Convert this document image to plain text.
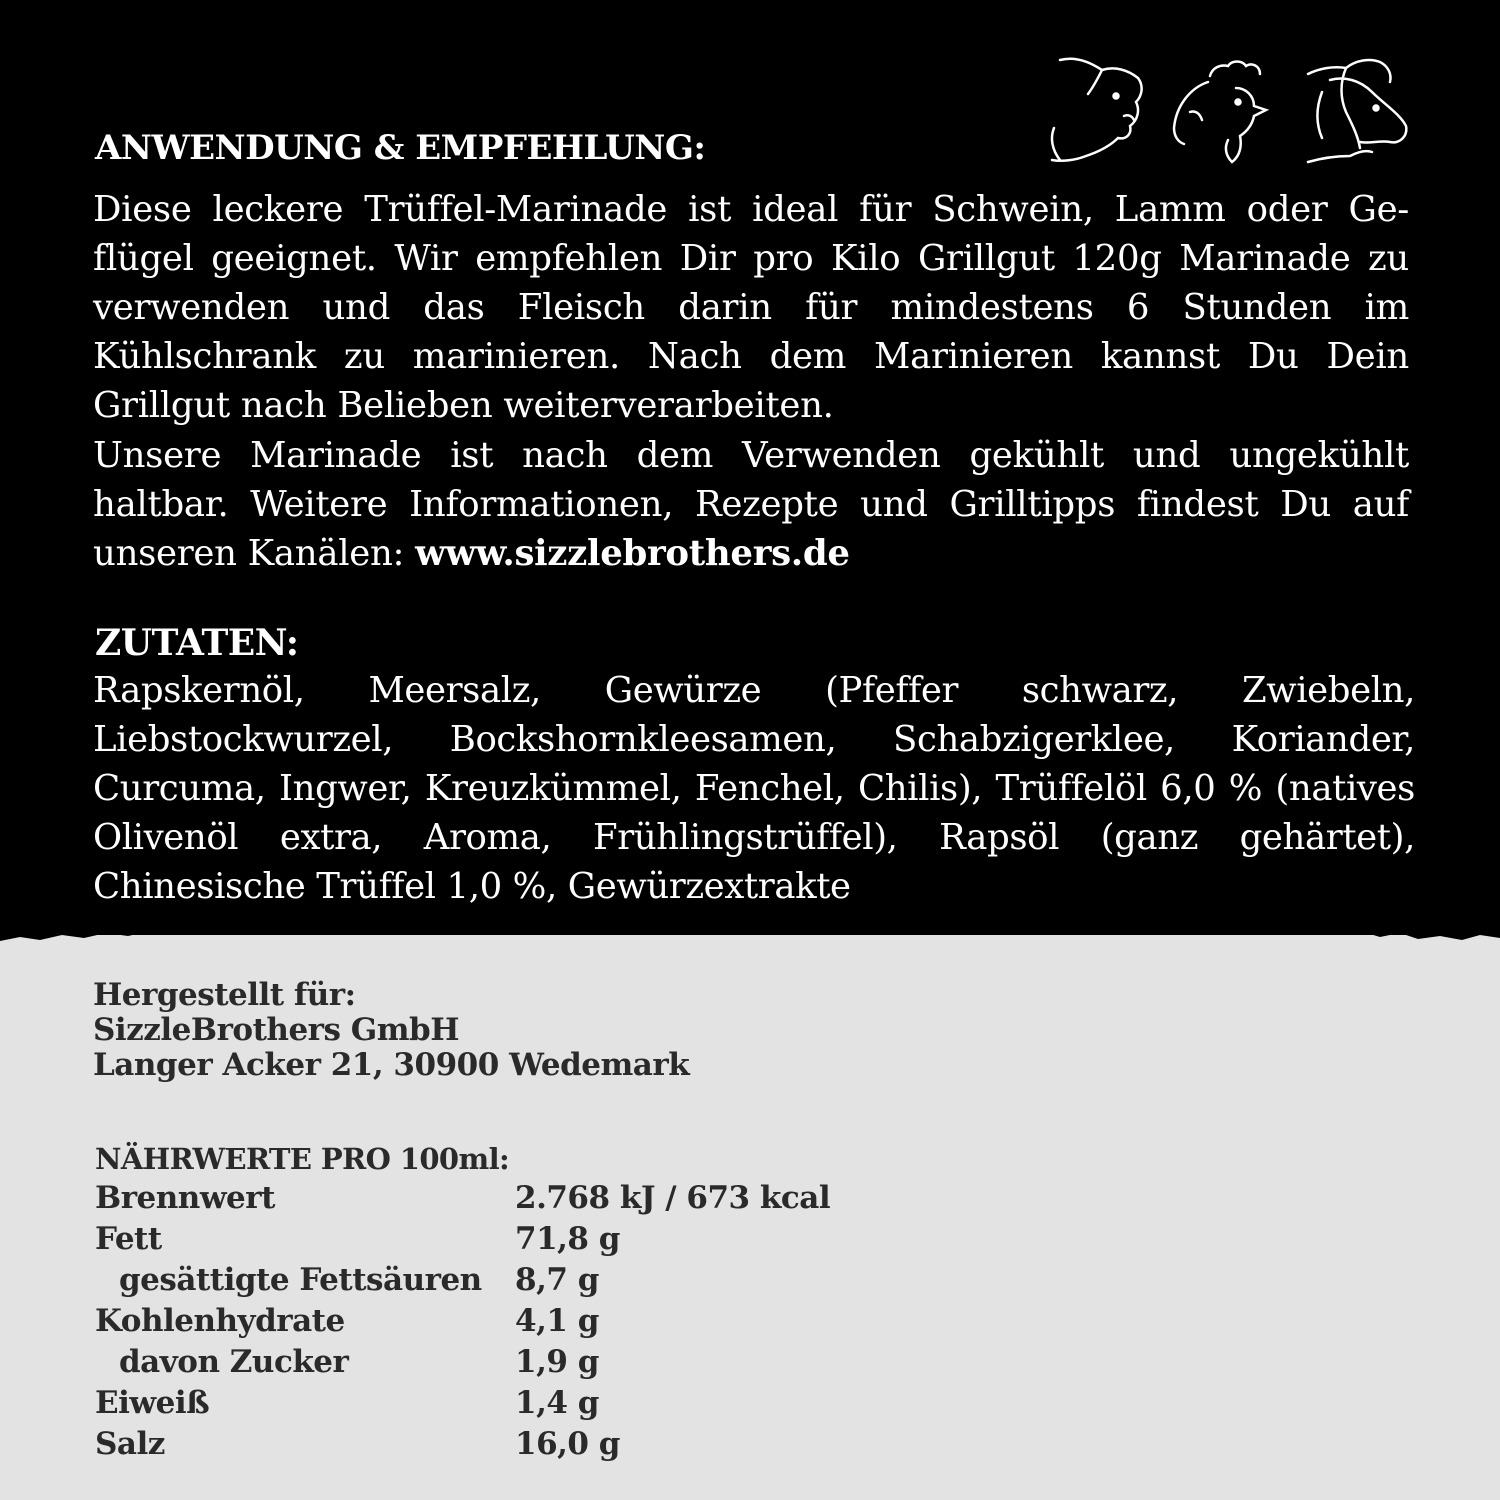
ANWENDUNG & EMPFEHLUNG:

Diese leckere Trüffel-Marinade ist ideal für Schwein, Lamm oder Ge-flügel geeignet. Wir empfehlen Dir pro Kilo Grillgut 120g Marinade zu verwenden und das Fleisch darin für mindestens 6 Stunden im Kühlschrank zu marinieren. Nach dem Marinieren kannst Du Dein Grillgut nach Belieben weiterverarbeiten.

Unsere Marinade ist nach dem Verwenden gekühlt und ungekühlt haltbar. Weitere Informationen, Rezepte und Grilltipps findest Du auf unseren Kanälen: www.sizzlebrothers.de

ZUTATEN:

Rapskernöl, Meersalz, Gewürze (Pfeffer schwarz, Zwiebeln, Liebstockwurzel, Bockshornkleesamen, Schabzigerklee, Koriander, Curcuma, Ingwer, Kreuzkümmel, Fenchel, Chilis), Trüffelöl 6,0 % (natives Olivenöl extra, Aroma, Frühlingstrüffel), Rapsöl (ganz gehärtet), Chinesische Trüffel 1,0 %, Gewürzextrakte

Hergestellt für:
SizzleBrothers GmbH
Langer Acker 21, 30900 Wedemark
NÄHRWERTE PRO 100ml:
Brennwert	2.768 kJ / 673 kcal
Fett	71,8 g
gesättigte Fettsäuren 8,7 g
Kohlenhydrate	4,1 g
davon Zucker	1,9 g
Eiweiß	1,4 g
Salz	16,0 g
